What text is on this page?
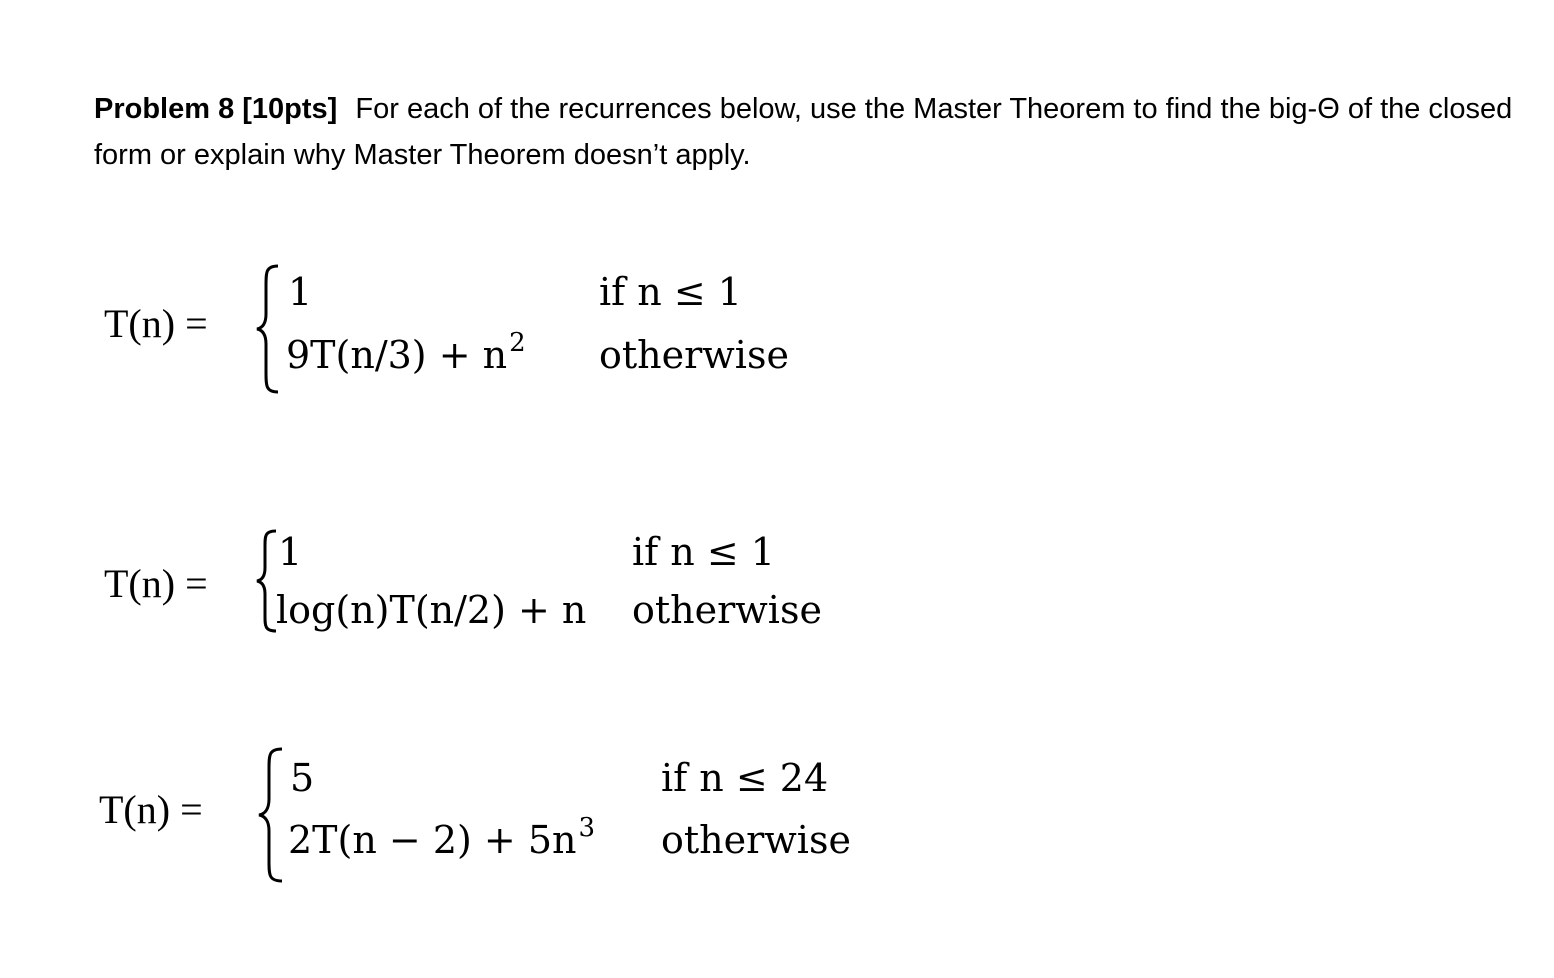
Problem 8 [10pts] For each of the recurrences below, use the Master Theorem to find the big-Θ of the closed form or explain why Master Theorem doesn’t apply.
T(n) =
1	if n ≤ 1
$9T(n/3) + n^2$ otherwise
T(n) =
1	if n ≤ 1
log(n)T(n/2) + n otherwise
T(n) =
5	if n ≤ 24
$2T(n - 2) + 5n^3$ otherwise
